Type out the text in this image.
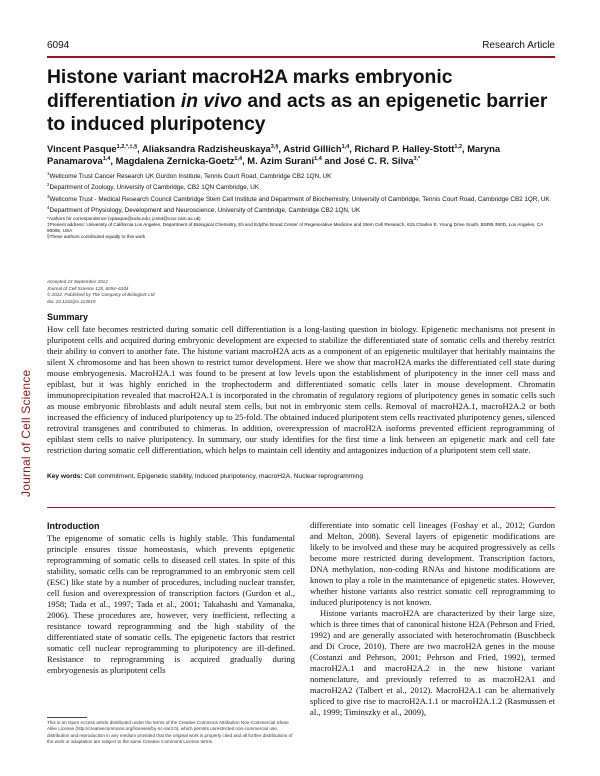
6094	Research Article
Histone variant macroH2A marks embryonic differentiation in vivo and acts as an epigenetic barrier to induced pluripotency
Vincent Pasque$^{1,2,*,\ddagger,\S}$, Aliaksandra Radzisheuskaya$^{3,\S}$, Astrid Gillich$^{1,4}$, Richard P. Halley-Stott$^{1,2}$, Maryna Panamarova$^{1,4}$, Magdalena Zernicka-Goetz$^{1,4}$, M. Azim Surani$^{1,4}$ and José C. R. Silva$^{3,*}$
$^1$Wellcome Trust Cancer Research UK Gurdon Institute, Tennis Court Road, Cambridge CB2 1QN, UK
$^2$Department of Zoology, University of Cambridge, CB2 1QN Cambridge, UK
$^3$Wellcome Trust - Medical Research Council Cambridge Stem Cell Institute and Department of Biochemistry, University of Cambridge, Tennis Court Road, Cambridge CB2 1QR, UK
$^4$Department of Physiology, Development and Neuroscience, University of Cambridge, Cambridge CB2 1QN, UK
*Authors for correspondence (vpasque@ucla.edu; jcs64@cscr.cam.ac.uk)
‡Present address: University of California Los Angeles, Department of Biological Chemistry, Eli and Edythe Broad Center of Regenerative Medicine and Stem Cell Research, 615 Charles E. Young Drive South, BSRB 390D, Los Angeles, CA 90095, USA
§These authors contributed equally to this work
Accepted 24 September 2012
Journal of Cell Science 125, 6094–6104
© 2012. Published by The Company of Biologists Ltd
doi: 10.1242/jcs.113019
Journal of Cell Science
Summary

How cell fate becomes restricted during somatic cell differentiation is a long-lasting question in biology. Epigenetic mechanisms not present in pluripotent cells and acquired during embryonic development are expected to stabilize the differentiated state of somatic cells and thereby restrict their ability to convert to another fate. The histone variant macroH2A acts as a component of an epigenetic multilayer that heritably maintains the silent X chromosome and has been shown to restrict tumor development. Here we show that macroH2A marks the differentiated cell state during mouse embryogenesis. MacroH2A.1 was found to be present at low levels upon the establishment of pluripotency in the inner cell mass and epiblast, but it was highly enriched in the trophectoderm and differentiated somatic cells later in mouse development. Chromatin immunoprecipitation revealed that macroH2A.1 is incorporated in the chromatin of regulatory regions of pluripotency genes in somatic cells such as mouse embryonic fibroblasts and adult neural stem cells, but not in embryonic stem cells. Removal of macroH2A.1, macroH2A.2 or both increased the efficiency of induced pluripotency up to 25-fold. The obtained induced pluripotent stem cells reactivated pluripotency genes, silenced retroviral transgenes and contributed to chimeras. In addition, overexpression of macroH2A isoforms prevented efficient reprogramming of epiblast stem cells to naïve pluripotency. In summary, our study identifies for the first time a link between an epigenetic mark and cell fate restriction during somatic cell differentiation, which helps to maintain cell identity and antagonizes induction of a pluripotent stem cell state.

Key words: Cell commitment, Epigenetic stability, Induced pluripotency, macroH2A, Nuclear reprogramming
Introduction

The epigenome of somatic cells is highly stable. This fundamental principle ensures tissue homeostasis, which prevents epigenetic reprogramming of somatic cells to diseased cell states. In spite of this stability, somatic cells can be reprogrammed to an embryonic stem cell (ESC) like state by a number of procedures, including nuclear transfer, cell fusion and overexpression of transcription factors (Gurdon et al., 1958; Tada et al., 1997; Tada et al., 2001; Takahashi and Yamanaka, 2006). These procedures are, however, very inefficient, reflecting a resistance toward reprogramming and the high stability of the differentiated state of somatic cells. The epigenetic factors that restrict somatic cell nuclear reprogramming to pluripotency are ill-defined. Resistance to reprogramming is acquired gradually during embryogenesis as pluripotent cells

This is an Open Access article distributed under the terms of the Creative Commons Attribution Non-Commercial Share Alike License (http://creativecommons.org/licenses/by-nc-sa/3.0), which permits unrestricted non-commercial use, distribution and reproduction in any medium provided that the original work is properly cited and all further distributions of the work or adaptation are subject to the same Creative Commons License terms.

differentiate into somatic cell lineages (Foshay et al., 2012; Gurdon and Melton, 2008). Several layers of epigenetic modifications are likely to be involved and these may be acquired progressively as cells become more restricted during development. Transcription factors, DNA methylation, non-coding RNAs and histone modifications are known to play a role in the maintenance of epigenetic states. However, whether histone variants also restrict somatic cell reprogramming to induced pluripotency is not known.

Histone variants macroH2A are characterized by their large size, which is three times that of canonical histone H2A (Pehrson and Fried, 1992) and are generally associated with heterochromatin (Buschbeck and Di Croce, 2010). There are two macroH2A genes in the mouse (Costanzi and Pehrson, 2001; Pehrson and Fried, 1992), termed macroH2A.1 and macroH2A.2 in the new histone variant nomenclature, and previously referred to as macroH2A1 and macroH2A2 (Talbert et al., 2012). MacroH2A.1 can be alternatively spliced to give rise to macroH2A.1.1 or macroH2A.1.2 (Rasmussen et al., 1999; Timinszky et al., 2009),
